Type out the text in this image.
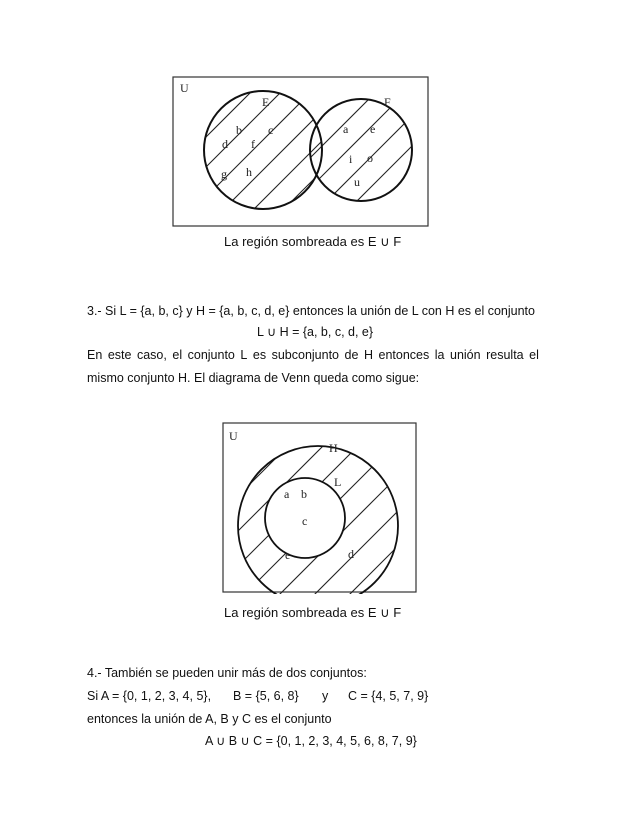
U
E	F
b c
d f
g h
a e
i o
u
La región sombreada es E ∪ F
3.- Si L = {a, b, c} y H = {a, b, c, d, e} entonces la unión de L con H es el conjunto
L ∪ H = {a, b, c, d, e}
En este caso, el conjunto L es subconjunto de H entonces la unión resulta el
mismo conjunto H. El diagrama de Venn queda como sigue:
U
H
L
a b
c
e	d
La región sombreada es E ∪ F
4.- También se pueden unir más de dos conjuntos:
Si A = {0, 1, 2, 3, 4, 5}, B = {5, 6, 8} y C = {4, 5, 7, 9}
entonces la unión de A, B y C es el conjunto
A ∪ B ∪ C = {0, 1, 2, 3, 4, 5, 6, 8, 7, 9}
